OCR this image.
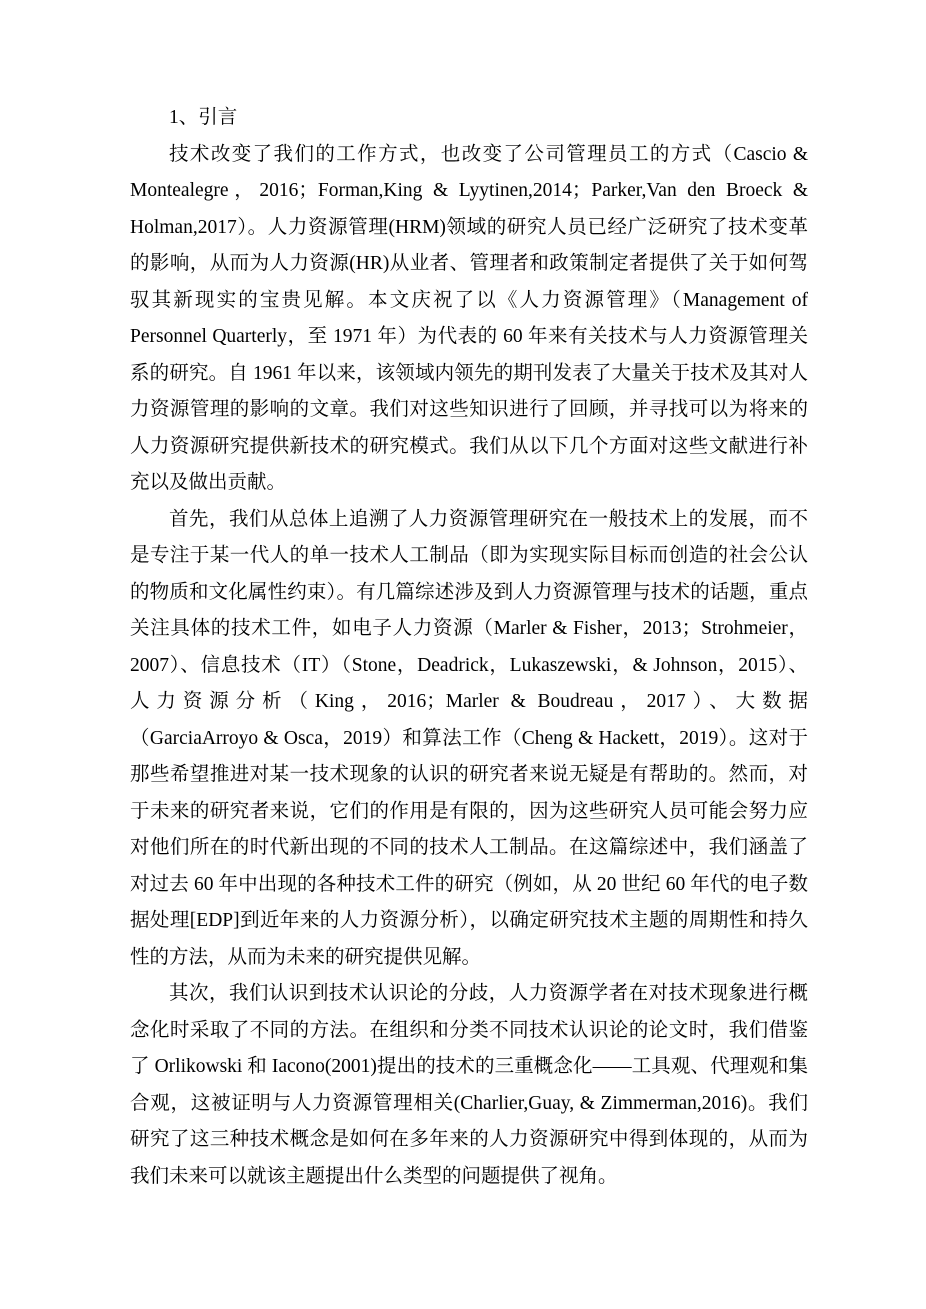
1、引言

技术改变了我们的工作方式，也改变了公司管理员工的方式（Cascio & Montealegre，2016；Forman,King & Lyytinen,2014；Parker,Van den Broeck & Holman,2017）。人力资源管理(HRM)领域的研究人员已经广泛研究了技术变革的影响，从而为人力资源(HR)从业者、管理者和政策制定者提供了关于如何驾驭其新现实的宝贵见解。本文庆祝了以《人力资源管理》（Management of Personnel Quarterly，至 1971 年）为代表的 60 年来有关技术与人力资源管理关系的研究。自 1961 年以来，该领域内领先的期刊发表了大量关于技术及其对人力资源管理的影响的文章。我们对这些知识进行了回顾，并寻找可以为将来的人力资源研究提供新技术的研究模式。我们从以下几个方面对这些文献进行补充以及做出贡献。

首先，我们从总体上追溯了人力资源管理研究在一般技术上的发展，而不是专注于某一代人的单一技术人工制品（即为实现实际目标而创造的社会公认的物质和文化属性约束）。有几篇综述涉及到人力资源管理与技术的话题，重点关注具体的技术工件，如电子人力资源（Marler & Fisher，2013；Strohmeier，2007）、信息技术（IT）（Stone，Deadrick，Lukaszewski，& Johnson，2015）、人力资源分析（King，2016；Marler & Boudreau，2017）、大数据（GarciaArroyo & Osca，2019）和算法工作（Cheng & Hackett，2019）。这对于那些希望推进对某一技术现象的认识的研究者来说无疑是有帮助的。然而，对于未来的研究者来说，它们的作用是有限的，因为这些研究人员可能会努力应对他们所在的时代新出现的不同的技术人工制品。在这篇综述中，我们涵盖了对过去 60 年中出现的各种技术工件的研究（例如，从 20 世纪 60 年代的电子数据处理[EDP]到近年来的人力资源分析），以确定研究技术主题的周期性和持久性的方法，从而为未来的研究提供见解。

其次，我们认识到技术认识论的分歧，人力资源学者在对技术现象进行概念化时采取了不同的方法。在组织和分类不同技术认识论的论文时，我们借鉴了 Orlikowski 和 Iacono(2001)提出的技术的三重概念化——工具观、代理观和集合观，这被证明与人力资源管理相关(Charlier,Guay, & Zimmerman,2016)。我们研究了这三种技术概念是如何在多年来的人力资源研究中得到体现的，从而为我们未来可以就该主题提出什么类型的问题提供了视角。
